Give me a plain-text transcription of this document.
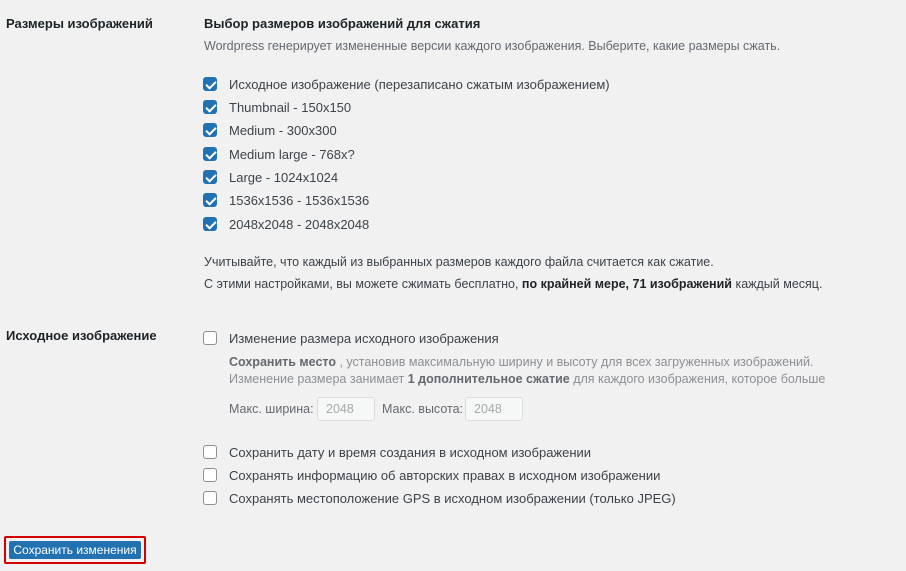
Размеры изображений	Выбор размеров изображений для сжатия
Wordpress генерирует измененные версии каждого изображения. Выберите, какие размеры сжать.
Исходное изображение (перезаписано сжатым изображением)
Thumbnail - 150x150
Medium - 300x300
Medium large - 768x?
Large - 1024x1024
1536x1536 - 1536x1536
2048x2048 - 2048x2048
Учитывайте, что каждый из выбранных размеров каждого файла считается как сжатие.
С этими настройками, вы можете сжимать бесплатно, по крайней мере, 71 изображений каждый месяц.
Исходное изображение	Изменение размера исходного изображения
Сохранить место , установив максимальную ширину и высоту для всех загруженных изображений.
Изменение размера занимает 1 дополнительное сжатие для каждого изображения, которое больше
Макс. ширина:
2048	Макс. высота:
2048
Сохранить дату и время создания в исходном изображении
Сохранять информацию об авторских правах в исходном изображении
Сохранять местоположение GPS в исходном изображении (только JPEG)
Сохранить изменения
